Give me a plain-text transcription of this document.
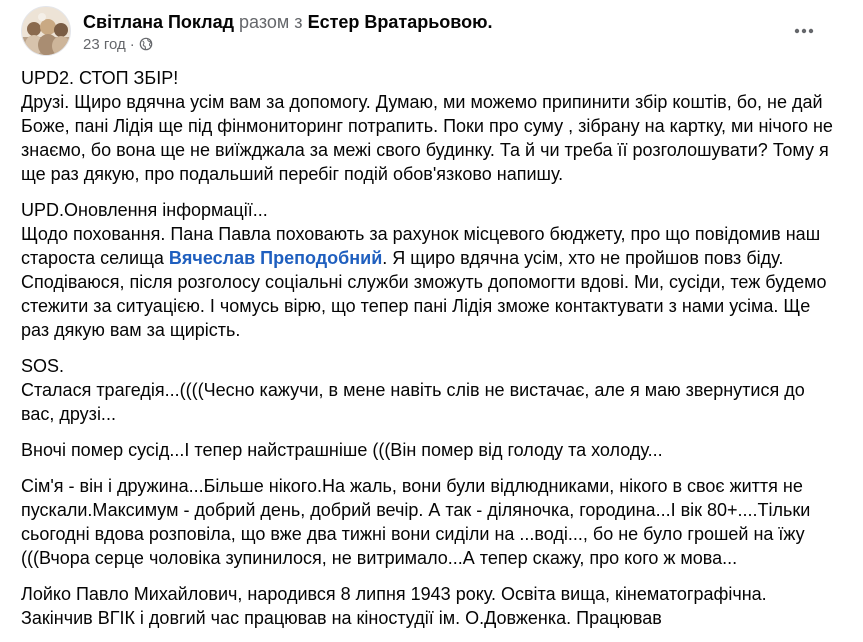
Світлана Поклад разом з Естер Вратарьовою.
23 год ·

UPD2. СТОП ЗБІР!
Друзі. Щиро вдячна усім вам за допомогу. Думаю, ми можемо припинити збір коштів, бо, не дай Боже, пані Лідія ще під фінмониторинг потрапить. Поки про суму , зібрану на картку, ми нічого не знаємо, бо вона ще не виїжджала за межі свого будинку. Та й чи треба її розголошувати? Тому я ще раз дякую, про подальший перебіг подій обов'язково напишу.

UPD.Оновлення інформації...
Щодо поховання. Пана Павла поховають за рахунок місцевого бюджету, про що повідомив наш староста селища Вячеслав Преподобний. Я щиро вдячна усім, хто не пройшов повз біду. Сподіваюся, після розголосу соціальні служби зможуть допомогти вдові. Ми, сусіди, теж будемо стежити за ситуацією. І чомусь вірю, що тепер пані Лідія зможе контактувати з нами усіма. Ще раз дякую вам за щирість.

SOS.
Сталася трагедія...((((Чесно кажучи, в мене навіть слів не вистачає, але я маю звернутися до вас, друзі...

Вночі помер сусід...І тепер найстрашніше (((Він помер від голоду та холоду...

Сім'я - він і дружина...Більше нікого.На жаль, вони були відлюдниками, нікого в своє життя не пускали.Максимум - добрий день, добрий вечір. А так - діляночка, городина...І вік 80+....Тільки сьогодні вдова розповіла, що вже два тижні вони сиділи на ...воді..., бо не було грошей на їжу (((Вчора серце чоловіка зупинилося, не витримало...А тепер скажу, про кого ж мова...

Лойко Павло Михайлович, народився 8 липня 1943 року. Освіта вища, кінематографічна. Закінчив ВГІК і довгий час працював на кіностудії ім. О.Довженка. Працював
